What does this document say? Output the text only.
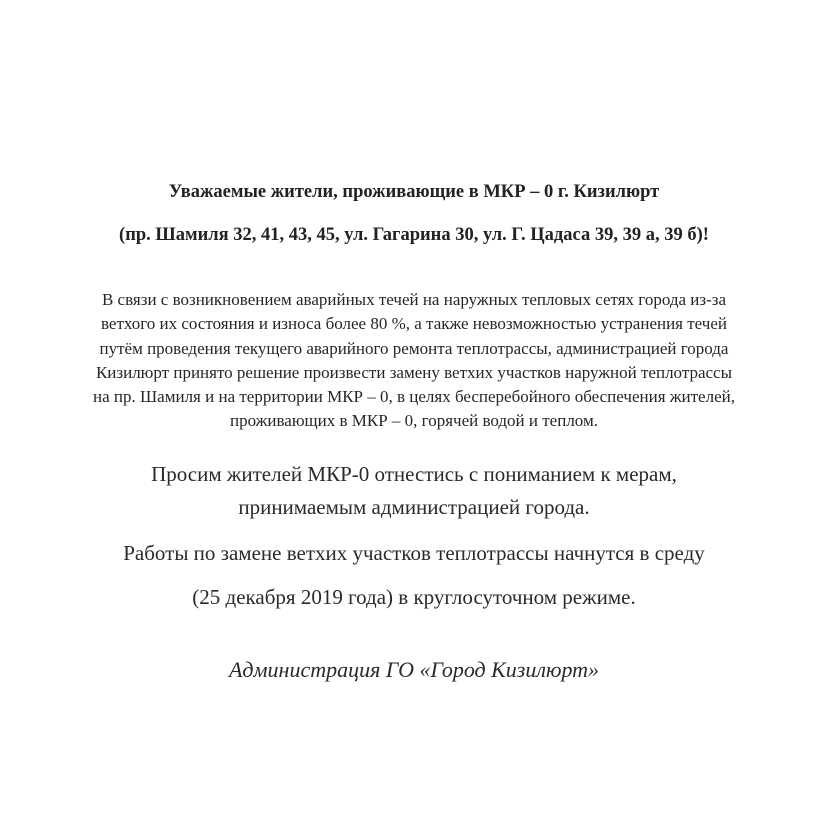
Уважаемые жители, проживающие в МКР – 0 г. Кизилюрт
(пр. Шамиля 32, 41, 43, 45, ул. Гагарина 30, ул. Г. Цадаса 39, 39 а, 39 б)!
В связи с возникновением аварийных течей на наружных тепловых сетях города из-за
ветхого их состояния и износа более 80 %, а также невозможностью устранения течей
путём проведения текущего аварийного ремонта теплотрассы, администрацией города
Кизилюрт принято решение произвести замену ветхих участков наружной теплотрассы
на пр. Шамиля и на территории МКР – 0, в целях бесперебойного обеспечения жителей,
проживающих в МКР – 0, горячей водой и теплом.
Просим жителей МКР-0 отнестись с пониманием к мерам,
принимаемым администрацией города.
Работы по замене ветхих участков теплотрассы начнутся в среду
(25 декабря 2019 года) в круглосуточном режиме.
Администрация ГО «Город Кизилюрт»
